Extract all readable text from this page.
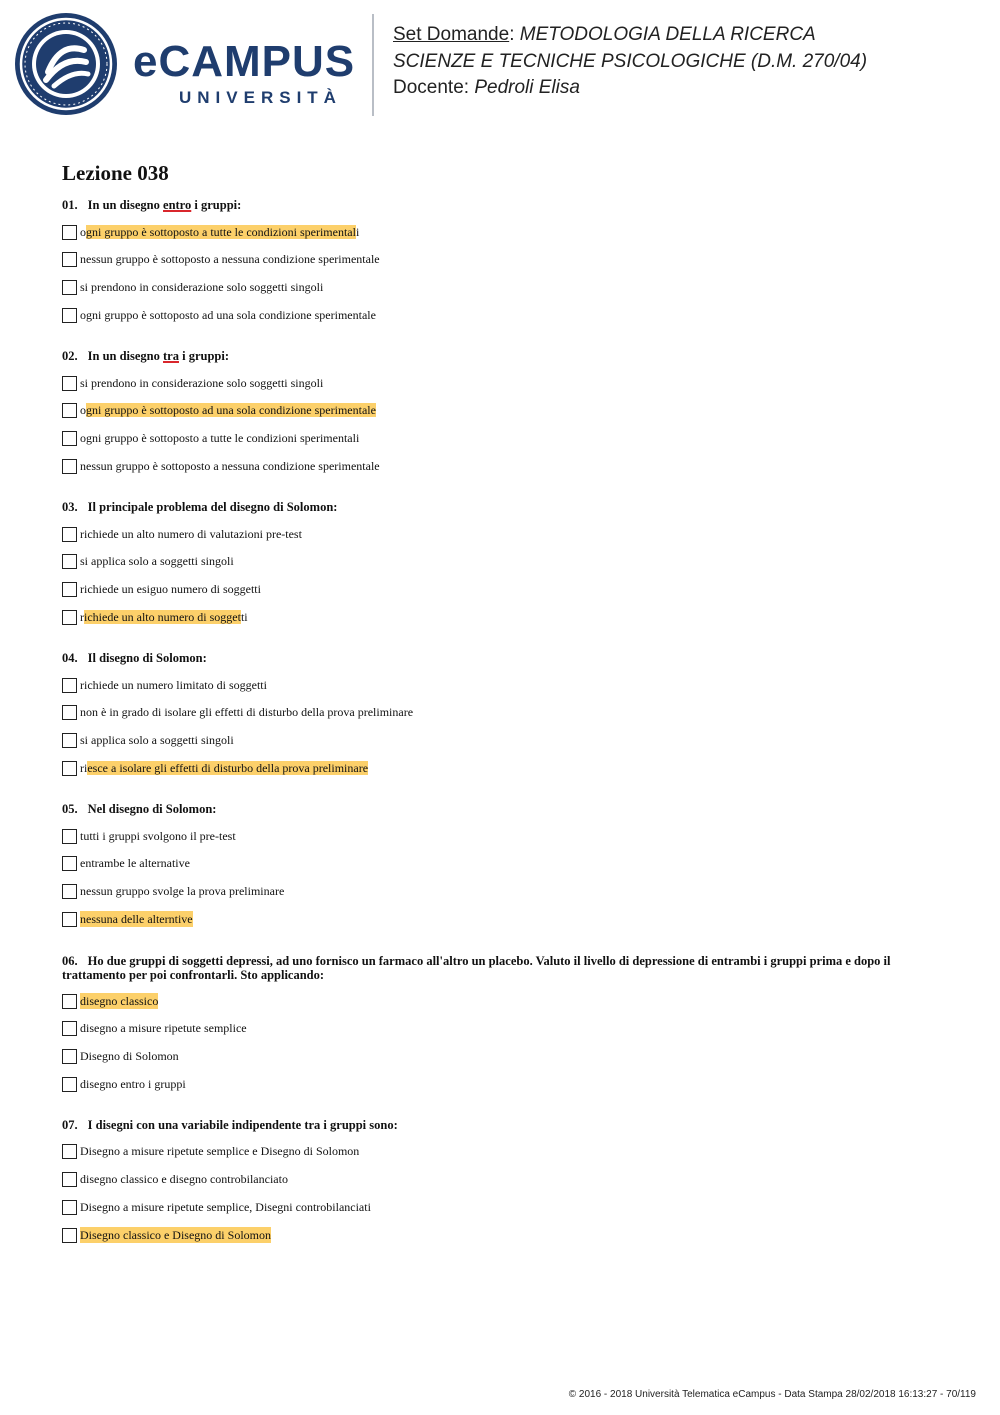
eCAMPUS
UNIVERSITÀ
Set Domande: METODOLOGIA DELLA RICERCA
SCIENZE E TECNICHE PSICOLOGICHE (D.M. 270/04)
Docente: Pedroli Elisa
Lezione 038
01. In un disegno entro i gruppi:
ogni gruppo è sottoposto a tutte le condizioni sperimentali
nessun gruppo è sottoposto a nessuna condizione sperimentale
si prendono in considerazione solo soggetti singoli
ogni gruppo è sottoposto ad una sola condizione sperimentale
02. In un disegno tra i gruppi:
si prendono in considerazione solo soggetti singoli
ogni gruppo è sottoposto ad una sola condizione sperimentale
ogni gruppo è sottoposto a tutte le condizioni sperimentali
nessun gruppo è sottoposto a nessuna condizione sperimentale
03. Il principale problema del disegno di Solomon:
richiede un alto numero di valutazioni pre-test
si applica solo a soggetti singoli
richiede un esiguo numero di soggetti
richiede un alto numero di soggetti
04. Il disegno di Solomon:
richiede un numero limitato di soggetti
non è in grado di isolare gli effetti di disturbo della prova preliminare
si applica solo a soggetti singoli
riesce a isolare gli effetti di disturbo della prova preliminare
05. Nel disegno di Solomon:
tutti i gruppi svolgono il pre-test
entrambe le alternative
nessun gruppo svolge la prova preliminare
nessuna delle alterntive
06. Ho due gruppi di soggetti depressi, ad uno fornisco un farmaco all'altro un placebo. Valuto il livello di depressione di entrambi i gruppi prima e dopo il trattamento per poi confrontarli. Sto applicando:
disegno classico
disegno a misure ripetute semplice
Disegno di Solomon
disegno entro i gruppi
07. I disegni con una variabile indipendente tra i gruppi sono:
Disegno a misure ripetute semplice e Disegno di Solomon
disegno classico e disegno controbilanciato
Disegno a misure ripetute semplice, Disegni controbilanciati
Disegno classico e Disegno di Solomon
© 2016 - 2018 Università Telematica eCampus - Data Stampa 28/02/2018 16:13:27 - 70/119
